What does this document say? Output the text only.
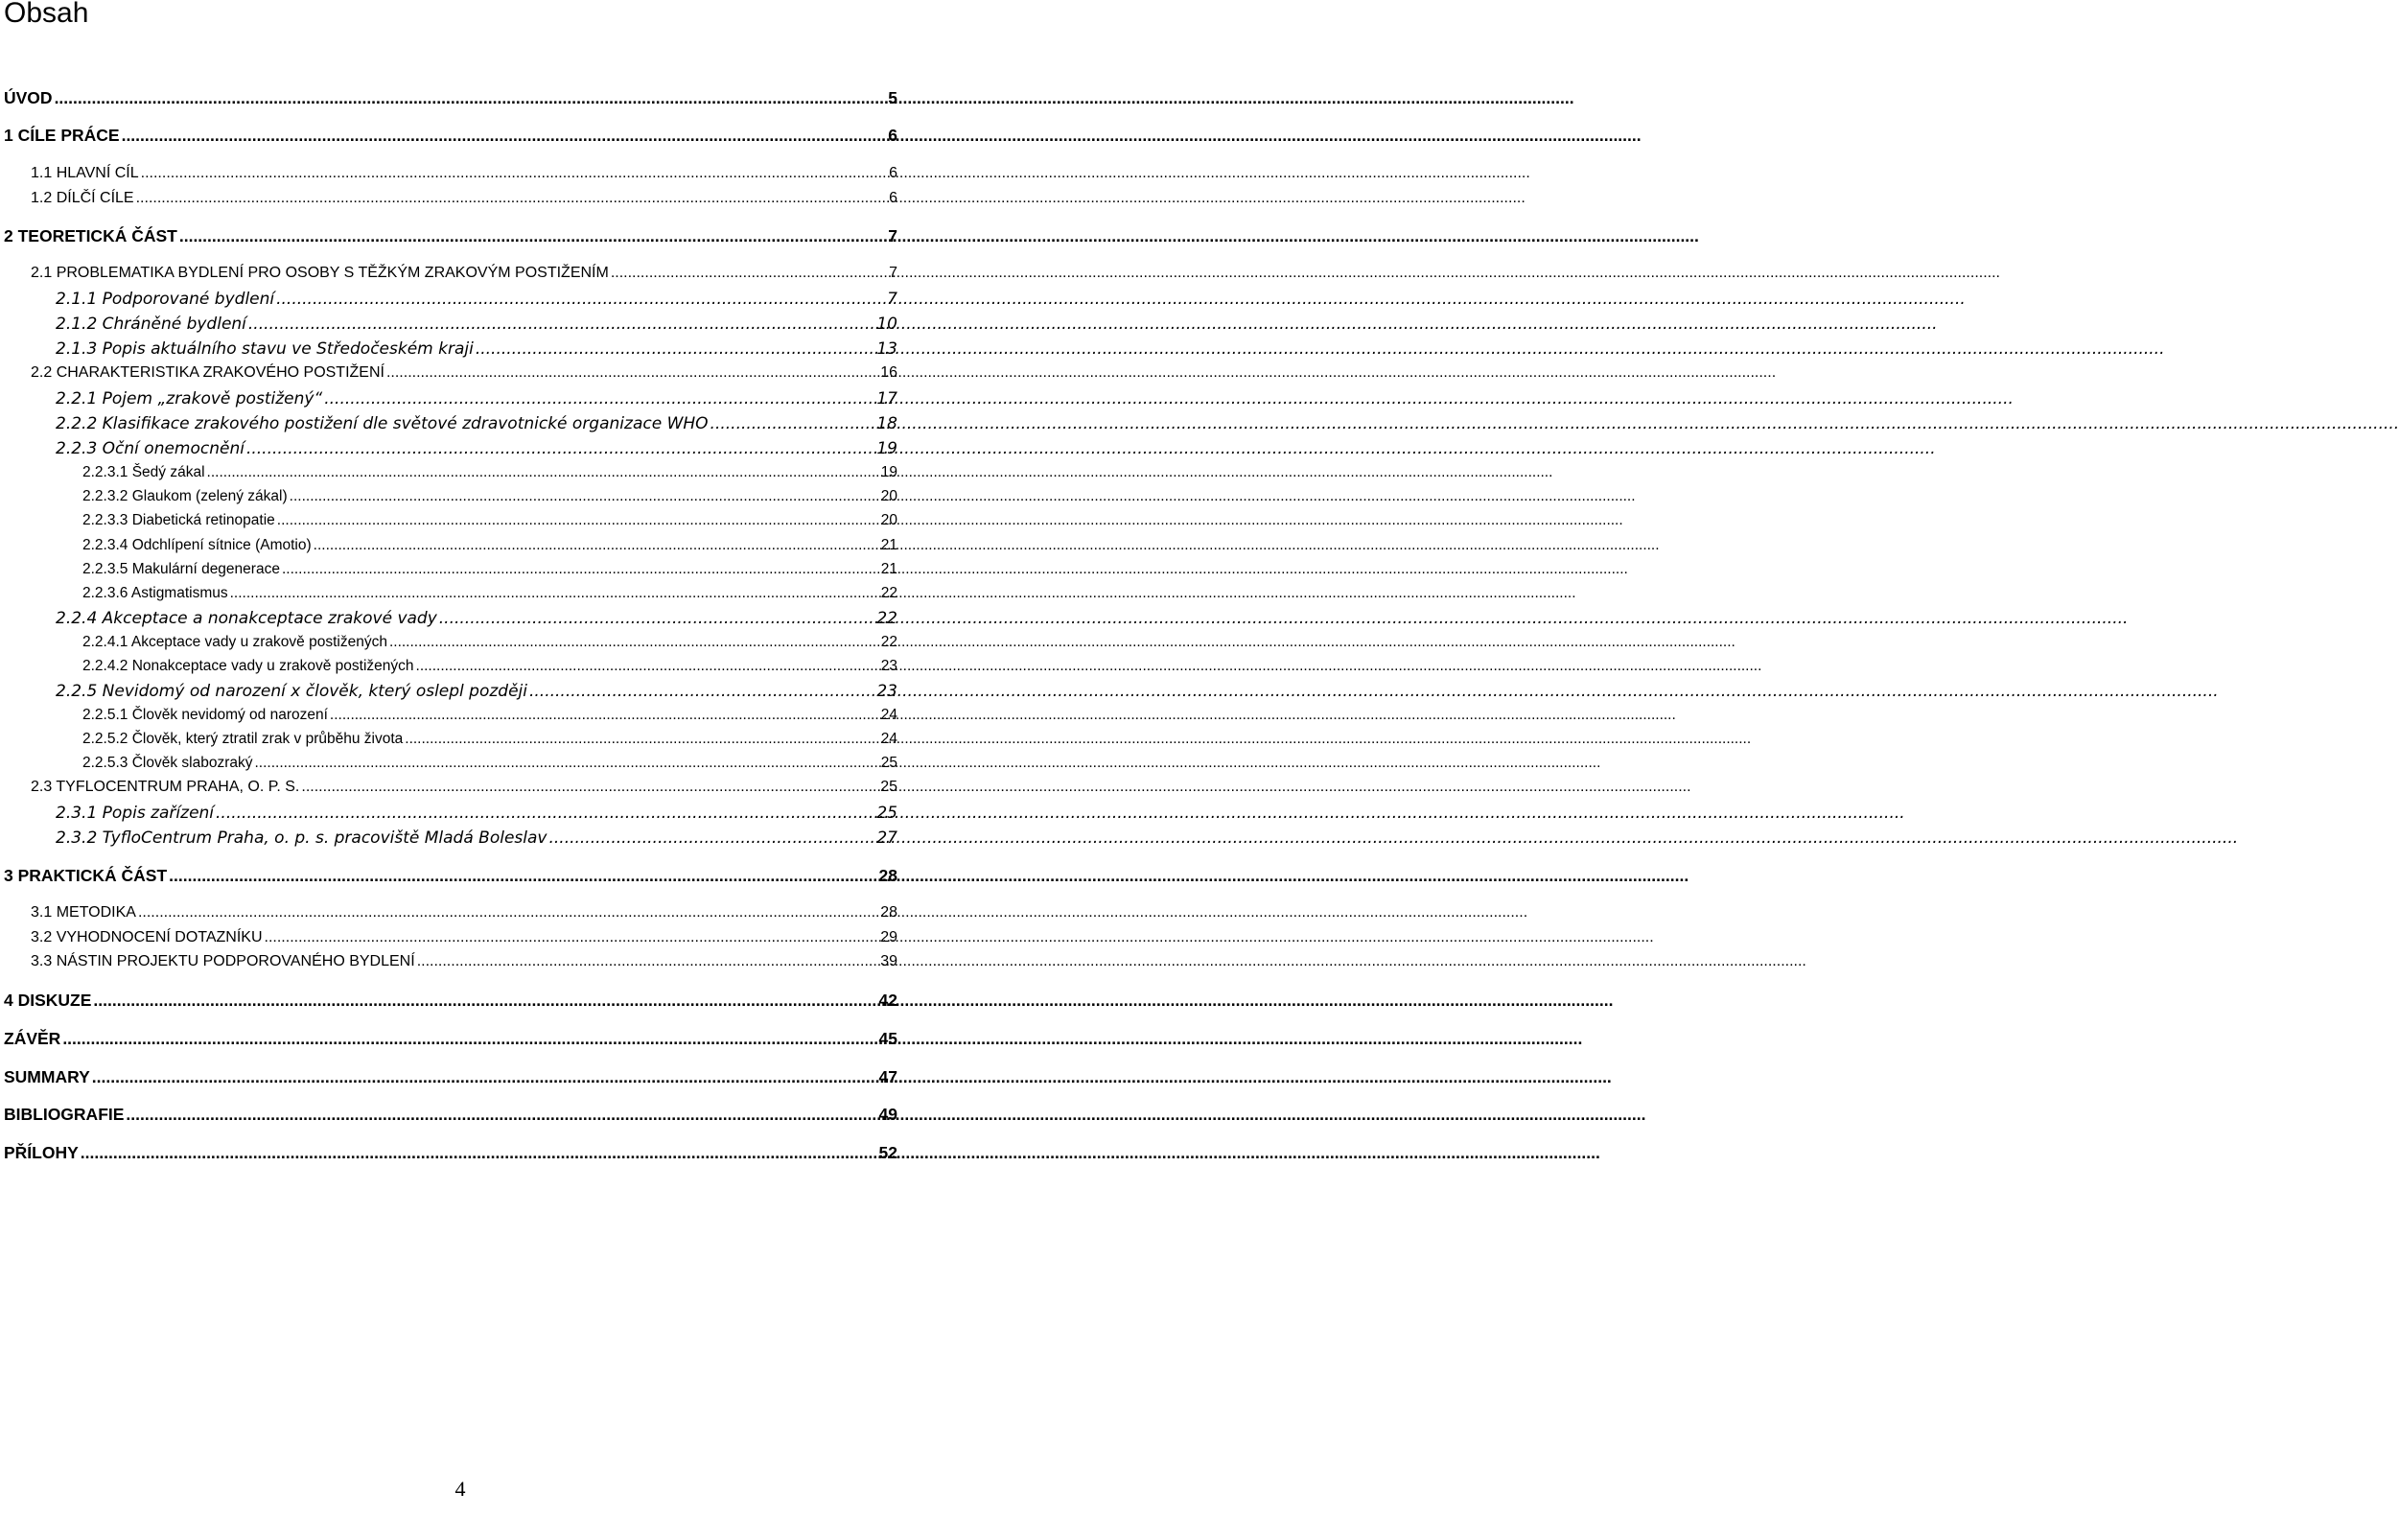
Obsah
ÚVOD .....	5
1 CÍLE PRÁCE .....	6
1.1 HLAVNÍ CÍL .....	6
1.2 DÍLČÍ CÍLE .....	6
2 TEORETICKÁ ČÁST .....	7
2.1 PROBLEMATIKA BYDLENÍ PRO OSOBY S TĚŽKÝM ZRAKOVÝM POSTIŽENÍM .....	7
2.1.1 Podporované bydlení .....	7
2.1.2 Chráněné bydlení .....	10
2.1.3 Popis aktuálního stavu ve Středočeském kraji .....	13
2.2 CHARAKTERISTIKA ZRAKOVÉHO POSTIŽENÍ .....	16
2.2.1 Pojem „zrakově postižený“ .....	17
2.2.2 Klasifikace zrakového postižení dle světové zdravotnické organizace WHO .....	18
2.2.3 Oční onemocnění .....	19
2.2.3.1 Šedý zákal .....	19
2.2.3.2 Glaukom (zelený zákal) .....	20
2.2.3.3 Diabetická retinopatie .....	20
2.2.3.4 Odchlípení sítnice (Amotio) .....	21
2.2.3.5 Makulární degenerace .....	21
2.2.3.6 Astigmatismus .....	22
2.2.4 Akceptace a nonakceptace zrakové vady .....	22
2.2.4.1 Akceptace vady u zrakově postižených .....	22
2.2.4.2 Nonakceptace vady u zrakově postižených .....	23
2.2.5 Nevidomý od narození x člověk, který oslepl později .....	23
2.2.5.1 Člověk nevidomý od narození .....	24
2.2.5.2 Člověk, který ztratil zrak v průběhu života .....	24
2.2.5.3 Člověk slabozraký .....	25
2.3 TYFLOCENTRUM PRAHA, O. P. S. .....	25
2.3.1 Popis zařízení .....	25
2.3.2 TyfloCentrum Praha, o. p. s. pracoviště Mladá Boleslav .....	27
3 PRAKTICKÁ ČÁST .....	28
3.1 METODIKA .....	28
3.2 VYHODNOCENÍ DOTAZNÍKU .....	29
3.3 NÁSTIN PROJEKTU PODPOROVANÉHO BYDLENÍ .....	39
4 DISKUZE .....	42
ZÁVĚR .....	45
SUMMARY .....	47
BIBLIOGRAFIE .....	49
PŘÍLOHY .....	52
4
